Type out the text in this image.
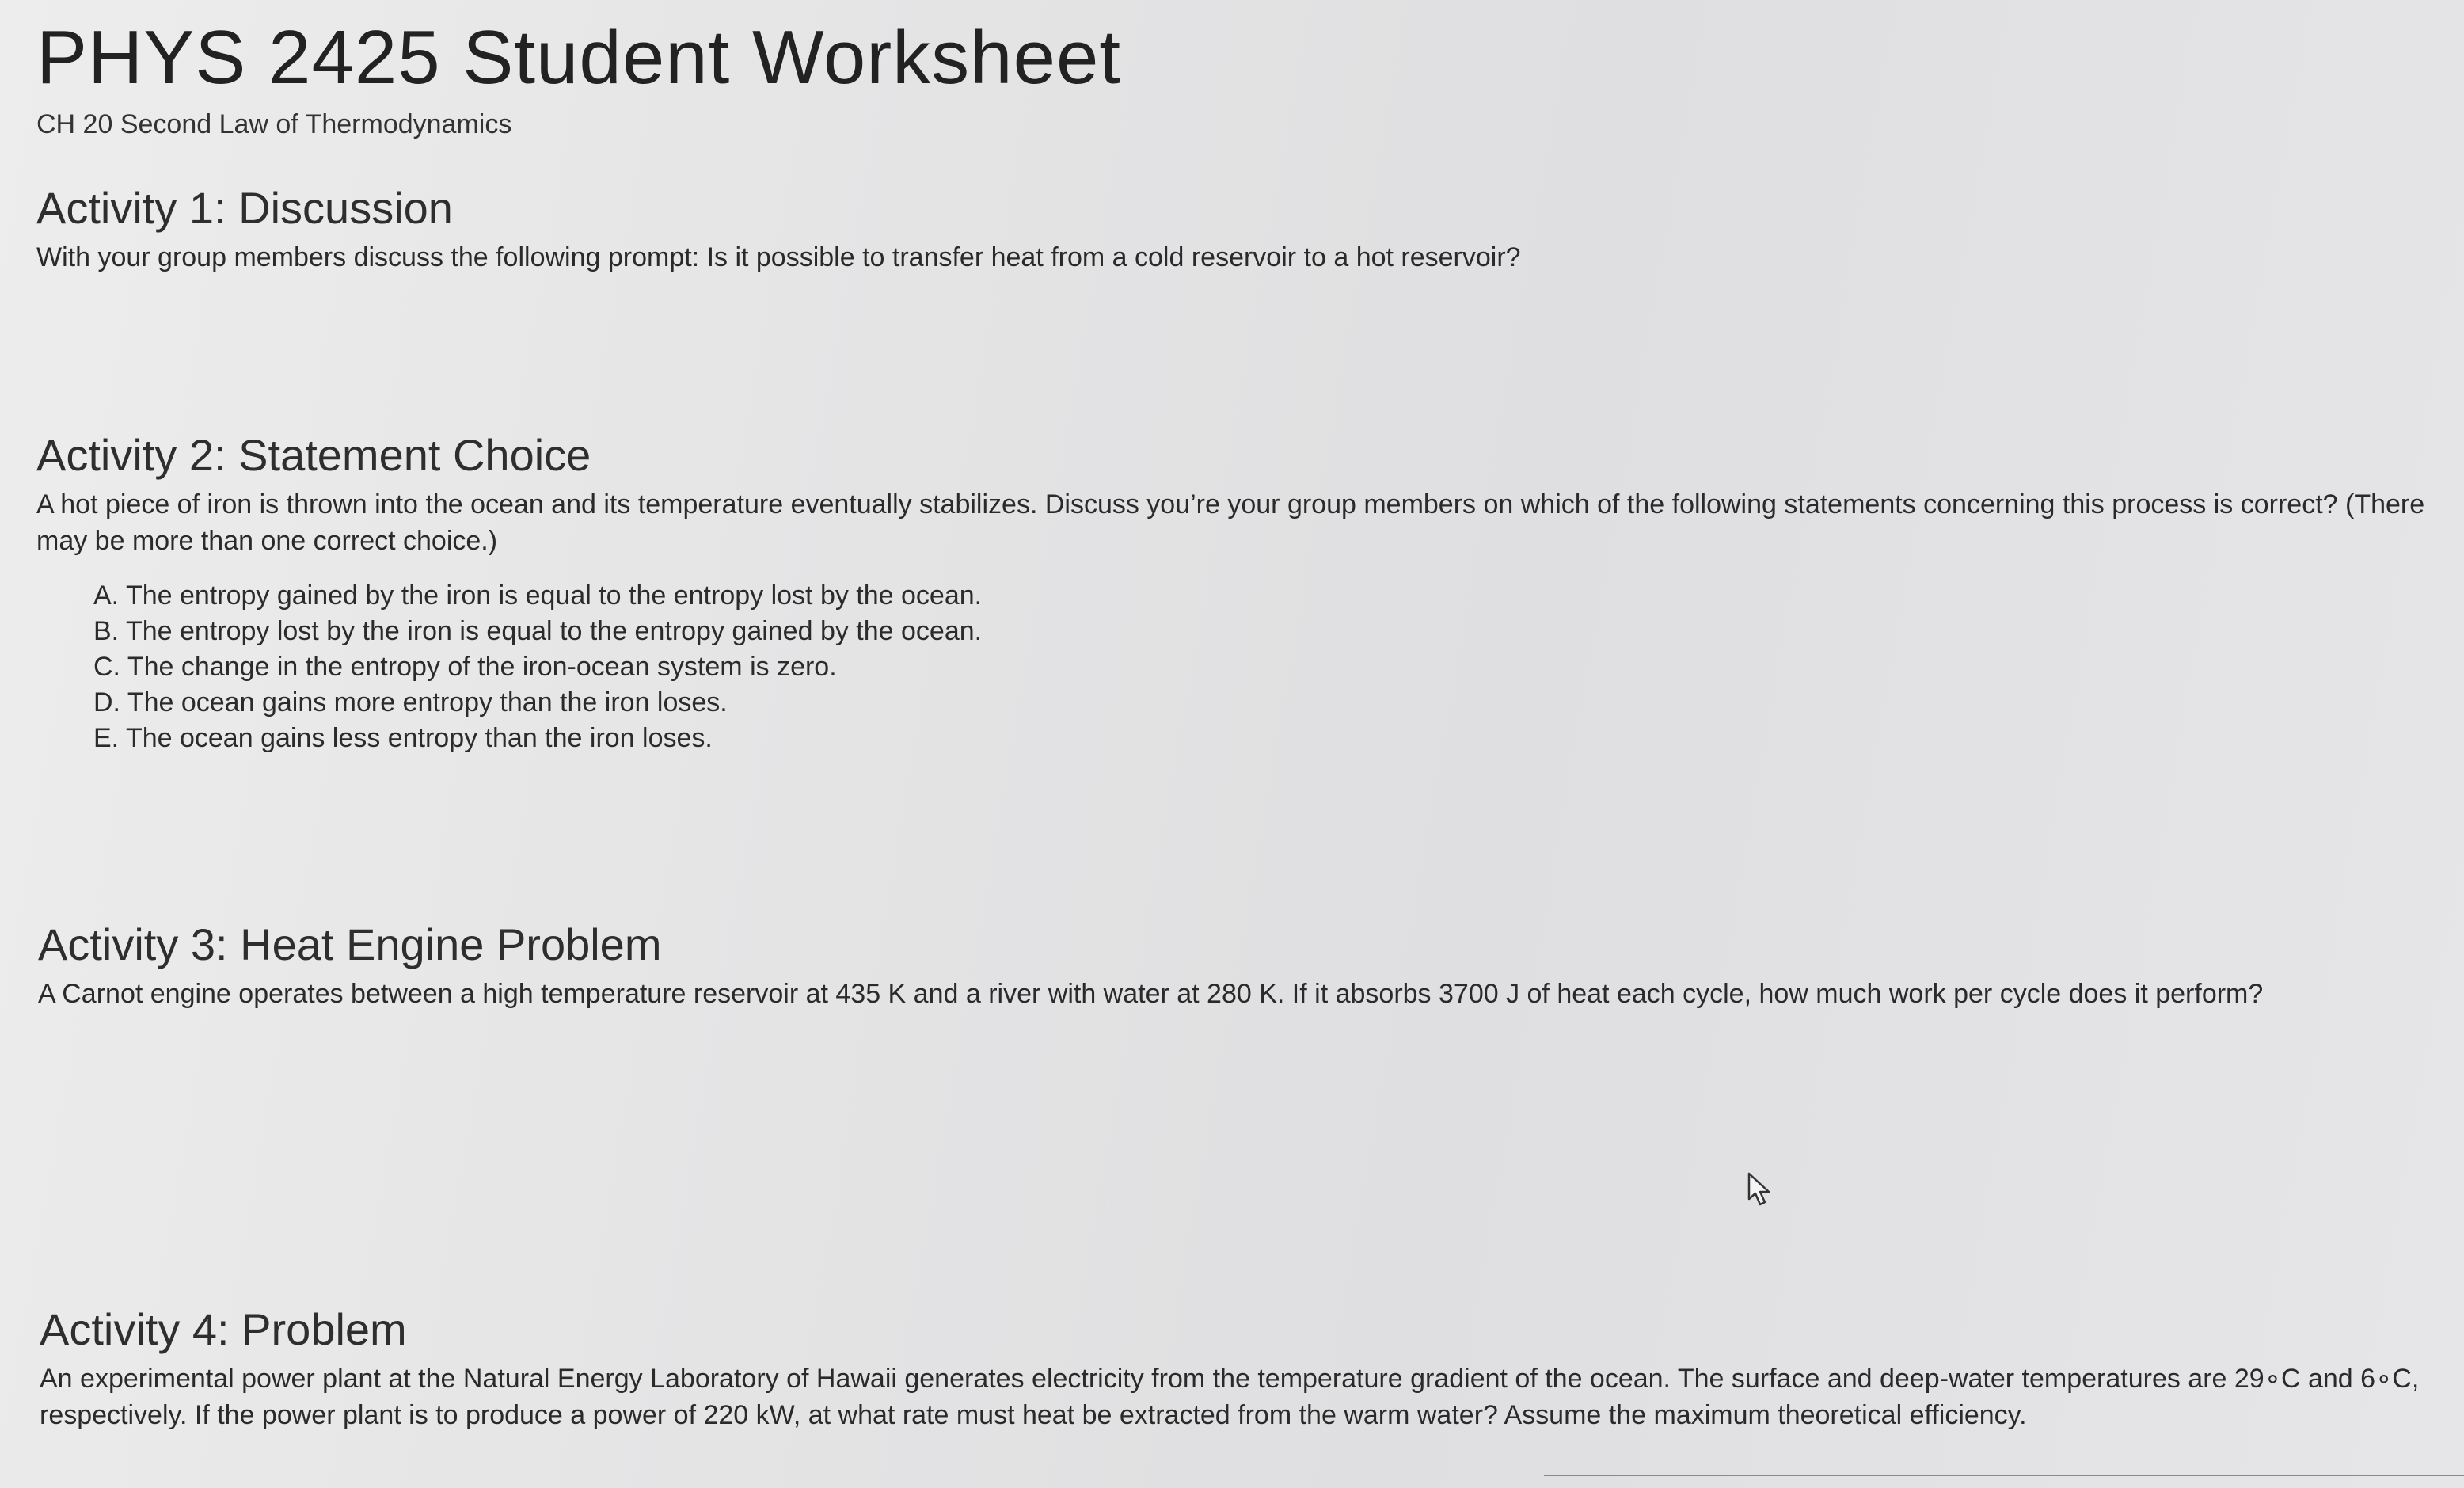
PHYS 2425 Student Worksheet
CH 20 Second Law of Thermodynamics
Activity 1: Discussion
With your group members discuss the following prompt: Is it possible to transfer heat from a cold reservoir to a hot reservoir?
Activity 2: Statement Choice
A hot piece of iron is thrown into the ocean and its temperature eventually stabilizes. Discuss you’re your group members on which of the following statements concerning this process is correct? (There may be more than one correct choice.)
A. The entropy gained by the iron is equal to the entropy lost by the ocean.
B. The entropy lost by the iron is equal to the entropy gained by the ocean.
C. The change in the entropy of the iron-ocean system is zero.
D. The ocean gains more entropy than the iron loses.
E. The ocean gains less entropy than the iron loses.
Activity 3: Heat Engine Problem
A Carnot engine operates between a high temperature reservoir at 435 K and a river with water at 280 K. If it absorbs 3700 J of heat each cycle, how much work per cycle does it perform?
Activity 4: Problem
An experimental power plant at the Natural Energy Laboratory of Hawaii generates electricity from the temperature gradient of the ocean. The surface and deep-water temperatures are 29∘C and 6∘C, respectively. If the power plant is to produce a power of 220 kW, at what rate must heat be extracted from the warm water? Assume the maximum theoretical efficiency.
